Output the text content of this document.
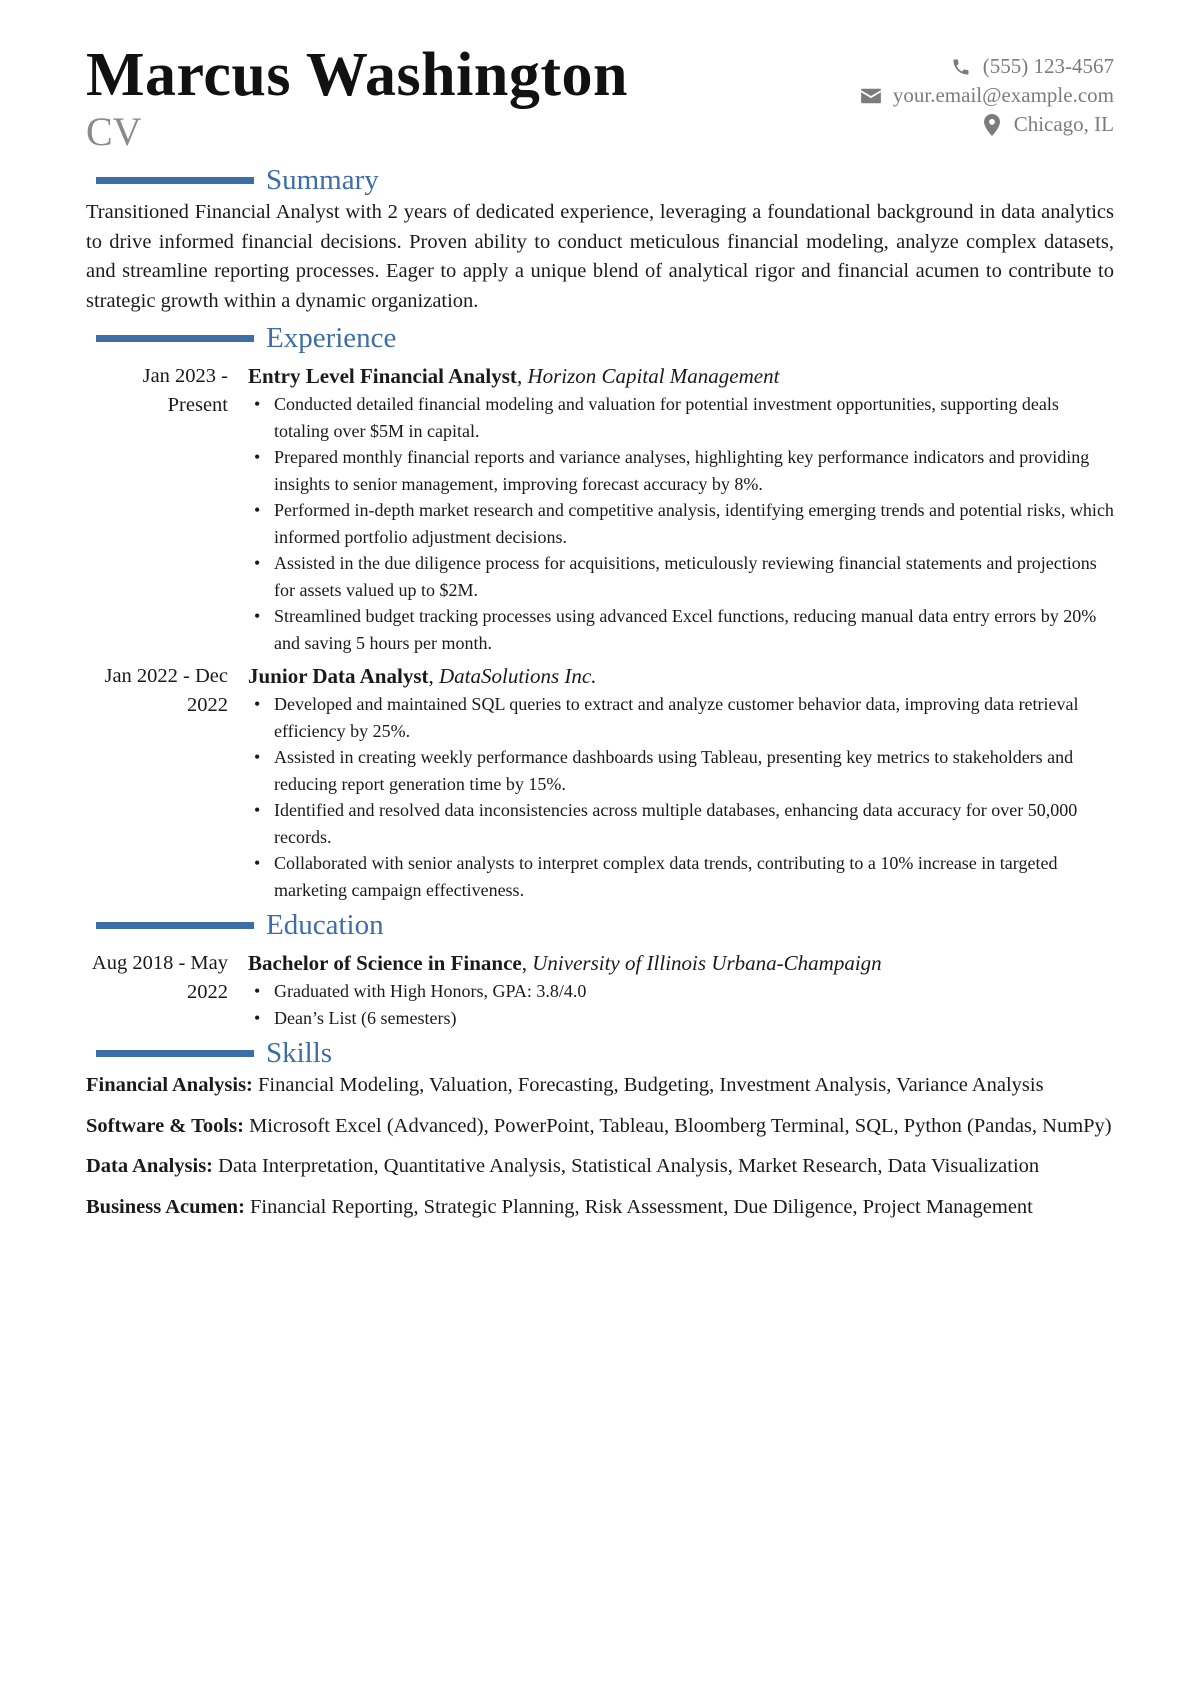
Marcus Washington
CV
(555) 123-4567
your.email@example.com
Chicago, IL
Summary

Transitioned Financial Analyst with 2 years of dedicated experience, leveraging a foundational background in data analytics to drive informed financial decisions. Proven ability to conduct meticulous financial modeling, analyze complex datasets, and streamline reporting processes. Eager to apply a unique blend of analytical rigor and financial acumen to contribute to strategic growth within a dynamic organization.

Experience
Jan 2023 - Present
Entry Level Financial Analyst, Horizon Capital Management
• Conducted detailed financial modeling and valuation for potential investment opportunities, supporting deals totaling over $5M in capital.
• Prepared monthly financial reports and variance analyses, highlighting key performance indicators and providing insights to senior management, improving forecast accuracy by 8%.
• Performed in-depth market research and competitive analysis, identifying emerging trends and potential risks, which informed portfolio adjustment decisions.
• Assisted in the due diligence process for acquisitions, meticulously reviewing financial statements and projections for assets valued up to $2M.
• Streamlined budget tracking processes using advanced Excel functions, reducing manual data entry errors by 20% and saving 5 hours per month.
Jan 2022 - Dec 2022
Junior Data Analyst, DataSolutions Inc.
• Developed and maintained SQL queries to extract and analyze customer behavior data, improving data retrieval efficiency by 25%.
• Assisted in creating weekly performance dashboards using Tableau, presenting key metrics to stakeholders and reducing report generation time by 15%.
• Identified and resolved data inconsistencies across multiple databases, enhancing data accuracy for over 50,000 records.
• Collaborated with senior analysts to interpret complex data trends, contributing to a 10% increase in targeted marketing campaign effectiveness.
Education
Aug 2018 - May 2022
Bachelor of Science in Finance, University of Illinois Urbana-Champaign
• Graduated with High Honors, GPA: 3.8/4.0
• Dean’s List (6 semesters)
Skills

Financial Analysis: Financial Modeling, Valuation, Forecasting, Budgeting, Investment Analysis, Variance Analysis

Software & Tools: Microsoft Excel (Advanced), PowerPoint, Tableau, Bloomberg Terminal, SQL, Python (Pandas, NumPy)

Data Analysis: Data Interpretation, Quantitative Analysis, Statistical Analysis, Market Research, Data Visualization

Business Acumen: Financial Reporting, Strategic Planning, Risk Assessment, Due Diligence, Project Management
